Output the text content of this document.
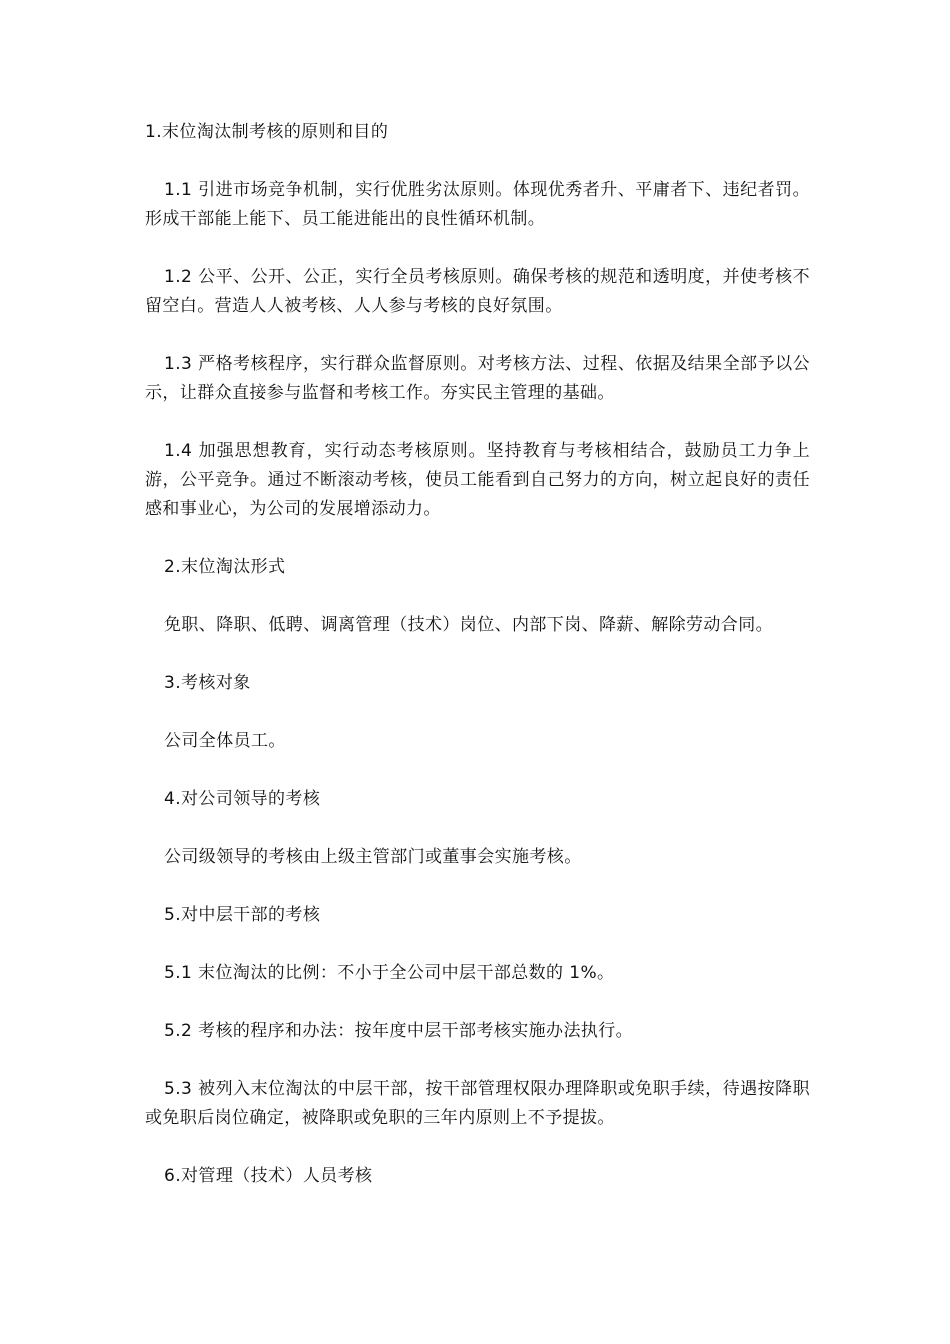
1.末位淘汰制考核的原则和目的

1.1 引进市场竞争机制，实行优胜劣汰原则。体现优秀者升、平庸者下、违纪者罚。形成干部能上能下、员工能进能出的良性循环机制。

1.2 公平、公开、公正，实行全员考核原则。确保考核的规范和透明度，并使考核不留空白。营造人人被考核、人人参与考核的良好氛围。

1.3 严格考核程序，实行群众监督原则。对考核方法、过程、依据及结果全部予以公示，让群众直接参与监督和考核工作。夯实民主管理的基础。

1.4 加强思想教育，实行动态考核原则。坚持教育与考核相结合，鼓励员工力争上游，公平竞争。通过不断滚动考核，使员工能看到自己努力的方向，树立起良好的责任感和事业心，为公司的发展增添动力。

2.末位淘汰形式

免职、降职、低聘、调离管理（技术）岗位、内部下岗、降薪、解除劳动合同。

3.考核对象

公司全体员工。

4.对公司领导的考核

公司级领导的考核由上级主管部门或董事会实施考核。

5.对中层干部的考核

5.1 末位淘汰的比例：不小于全公司中层干部总数的 1%。

5.2 考核的程序和办法：按年度中层干部考核实施办法执行。

5.3 被列入末位淘汰的中层干部，按干部管理权限办理降职或免职手续，待遇按降职或免职后岗位确定，被降职或免职的三年内原则上不予提拔。

6.对管理（技术）人员考核
